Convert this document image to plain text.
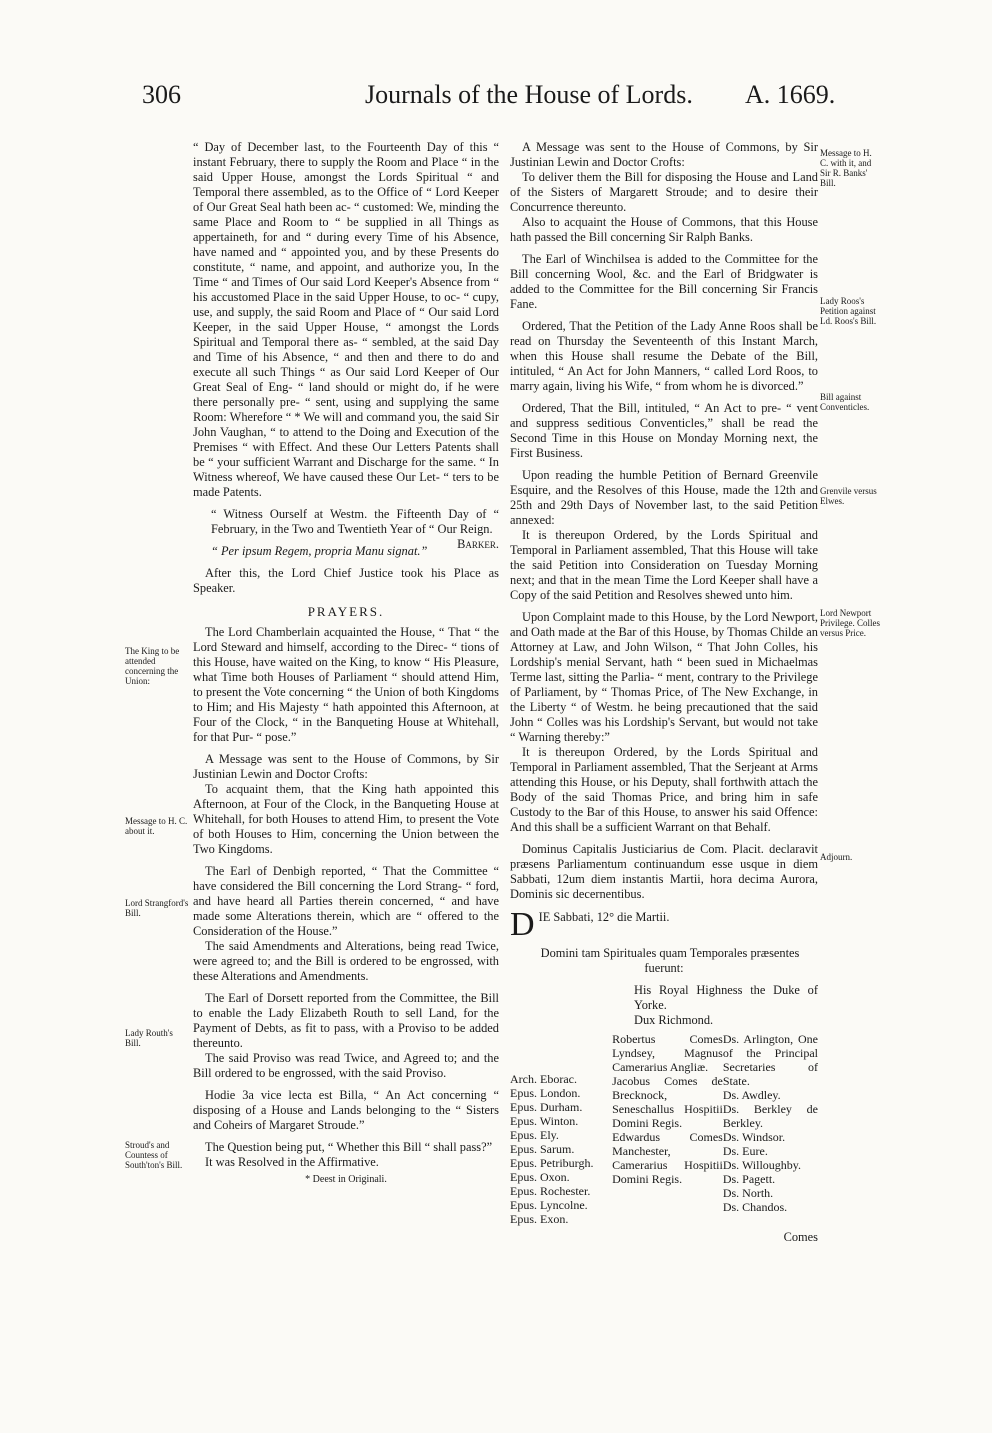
306	Journals of the House of Lords. A. 1669.
The King to be attended concerning the Union:
Message to H. C. about it.
Lord Strangford's Bill.
Lady Routh's Bill.
Stroud's and Countess of South'ton's Bill.
Message to H. C. with it, and Sir R. Banks' Bill.
Lady Roos's Petition against Ld. Roos's Bill.
Bill against Conventicles.
Grenvile versus Elwes.
Lord Newport Privilege. Colles versus Price.
Adjourn.

“ Day of December last, to the Fourteenth Day of this “ instant February, there to supply the Room and Place “ in the said Upper House, amongst the Lords Spiritual “ and Temporal there assembled, as to the Office of “ Lord Keeper of Our Great Seal hath been ac- “ customed: We, minding the same Place and Room to “ be supplied in all Things as appertaineth, for and “ during every Time of his Absence, have named and “ appointed you, and by these Presents do constitute, “ name, and appoint, and authorize you, In the Time “ and Times of Our said Lord Keeper's Absence from “ his accustomed Place in the said Upper House, to oc- “ cupy, use, and supply, the said Room and Place of “ Our said Lord Keeper, in the said Upper House, “ amongst the Lords Spiritual and Temporal there as- “ sembled, at the said Day and Time of his Absence, “ and then and there to do and execute all such Things “ as Our said Lord Keeper of Our Great Seal of Eng- “ land should or might do, if he were there personally pre- “ sent, using and supplying the same Room: Wherefore “ * We will and command you, the said Sir John Vaughan, “ to attend to the Doing and Execution of the Premises “ with Effect. And these Our Letters Patents shall be “ your sufficient Warrant and Discharge for the same. “ In Witness whereof, We have caused these Our Let- “ ters to be made Patents.

“ Witness Ourself at Westm. the Fifteenth Day of “ February, in the Two and Twentieth Year of “ Our Reign.
Barker.

“ Per ipsum Regem, propria Manu signat.”

After this, the Lord Chief Justice took his Place as Speaker.

PRAYERS.

The Lord Chamberlain acquainted the House, “ That “ the Lord Steward and himself, according to the Direc- “ tions of this House, have waited on the King, to know “ His Pleasure, what Time both Houses of Parliament “ should attend Him, to present the Vote concerning “ the Union of both Kingdoms to Him; and His Majesty “ hath appointed this Afternoon, at Four of the Clock, “ in the Banqueting House at Whitehall, for that Pur- “ pose.”

A Message was sent to the House of Commons, by Sir Justinian Lewin and Doctor Crofts:

To acquaint them, that the King hath appointed this Afternoon, at Four of the Clock, in the Banqueting House at Whitehall, for both Houses to attend Him, to present the Vote of both Houses to Him, concerning the Union between the Two Kingdoms.

The Earl of Denbigh reported, “ That the Committee “ have considered the Bill concerning the Lord Strang- “ ford, and have heard all Parties therein concerned, “ and have made some Alterations therein, which are “ offered to the Consideration of the House.”

The said Amendments and Alterations, being read Twice, were agreed to; and the Bill is ordered to be engrossed, with these Alterations and Amendments.

The Earl of Dorsett reported from the Committee, the Bill to enable the Lady Elizabeth Routh to sell Land, for the Payment of Debts, as fit to pass, with a Proviso to be added thereunto.

The said Proviso was read Twice, and Agreed to; and the Bill ordered to be engrossed, with the said Proviso.

Hodie 3a vice lecta est Billa, “ An Act concerning “ disposing of a House and Lands belonging to the “ Sisters and Coheirs of Margaret Stroude.”

The Question being put, “ Whether this Bill “ shall pass?”

It was Resolved in the Affirmative.

* Deest in Originali.

A Message was sent to the House of Commons, by Sir Justinian Lewin and Doctor Crofts:

To deliver them the Bill for disposing the House and Land of the Sisters of Margarett Stroude; and to desire their Concurrence thereunto.

Also to acquaint the House of Commons, that this House hath passed the Bill concerning Sir Ralph Banks.

The Earl of Winchilsea is added to the Committee for the Bill concerning Wool, &c. and the Earl of Bridgwater is added to the Committee for the Bill concerning Sir Francis Fane.

Ordered, That the Petition of the Lady Anne Roos shall be read on Thursday the Seventeenth of this Instant March, when this House shall resume the Debate of the Bill, intituled, “ An Act for John Manners, “ called Lord Roos, to marry again, living his Wife, “ from whom he is divorced.”

Ordered, That the Bill, intituled, “ An Act to pre- “ vent and suppress seditious Conventicles,” shall be read the Second Time in this House on Monday Morning next, the First Business.

Upon reading the humble Petition of Bernard Greenvile Esquire, and the Resolves of this House, made the 12th and 25th and 29th Days of November last, to the said Petition annexed:

It is thereupon Ordered, by the Lords Spiritual and Temporal in Parliament assembled, That this House will take the said Petition into Consideration on Tuesday Morning next; and that in the mean Time the Lord Keeper shall have a Copy of the said Petition and Resolves shewed unto him.

Upon Complaint made to this House, by the Lord Newport, and Oath made at the Bar of this House, by Thomas Childe an Attorney at Law, and John Wilson, “ That John Colles, his Lordship's menial Servant, hath “ been sued in Michaelmas Terme last, sitting the Parlia- “ ment, contrary to the Privilege of Parliament, by “ Thomas Price, of The New Exchange, in the Liberty “ of Westm. he being precautioned that the said John “ Colles was his Lordship's Servant, but would not take “ Warning thereby:”

It is thereupon Ordered, by the Lords Spiritual and Temporal in Parliament assembled, That the Serjeant at Arms attending this House, or his Deputy, shall forthwith attach the Body of the said Thomas Price, and bring him in safe Custody to the Bar of this House, to answer his said Offence: And this shall be a sufficient Warrant on that Behalf.

Dominus Capitalis Justiciarius de Com. Placit. declaravit præsens Parliamentum continuandum esse usque in diem Sabbati, 12um diem instantis Martii, hora decima Aurora, Dominis sic decernentibus.

D IE Sabbati, 12° die Martii.

Domini tam Spirituales quam Temporales præsentes fuerunt:

His Royal Highness the Duke of Yorke.
Dux Richmond.
Arch. Eborac.
Epus. London.
Epus. Durham.
Epus. Winton.
Epus. Ely.
Epus. Sarum.
Epus. Petriburgh.
Epus. Oxon.
Epus. Rochester.
Epus. Lyncolne.
Epus. Exon.
Robertus Comes Lyndsey, Magnus Camerarius Angliæ.
Jacobus Comes de Brecknock, Seneschallus Hospitii Domini Regis.
Edwardus Comes Manchester, Camerarius Hospitii Domini Regis.
Ds. Arlington, One of the Principal Secretaries of State.
Ds. Awdley.
Ds. Berkley de Berkley.
Ds. Windsor.
Ds. Eure.
Ds. Willoughby.
Ds. Pagett.
Ds. North.
Ds. Chandos.
Comes
